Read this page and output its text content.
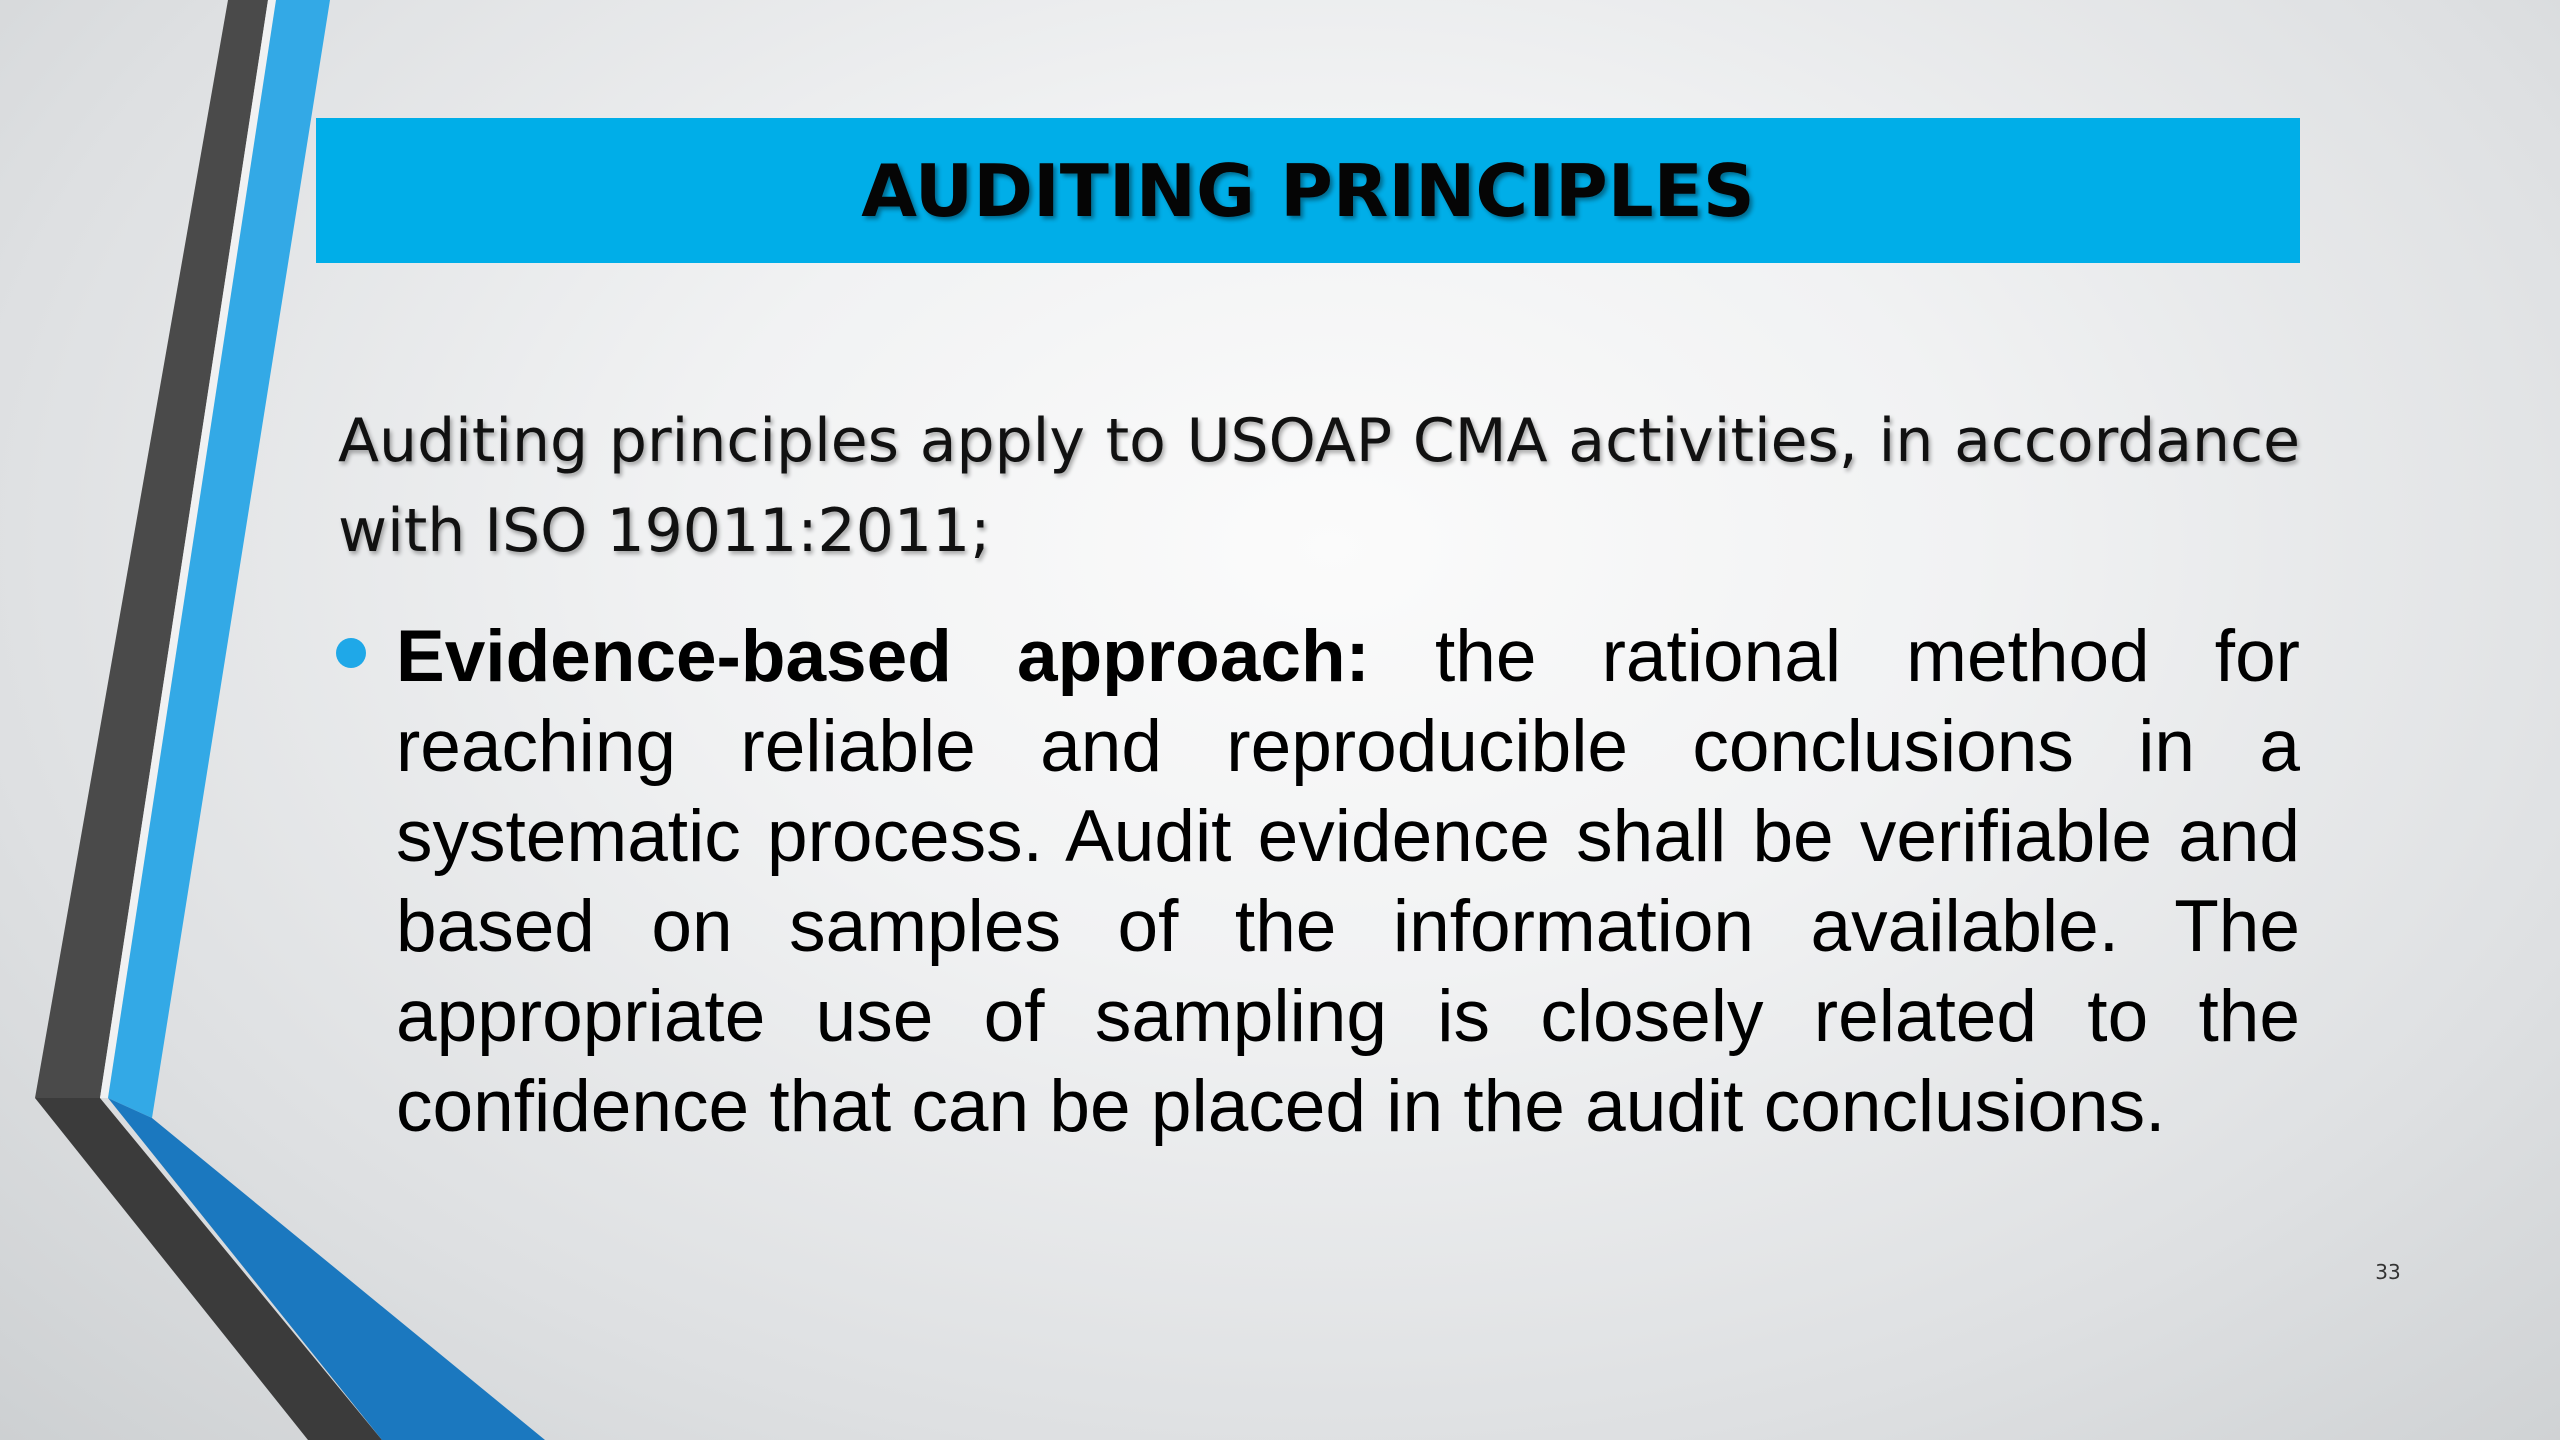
AUDITING PRINCIPLES

Auditing principles apply to USOAP CMA activities, in accordance with ISO 19011:2011;

Evidence-based approach: the rational method for reaching reliable and reproducible conclusions in a systematic process. Audit evidence shall be verifiable and based on samples of the information available. The appropriate use of sampling is closely related to the confidence that can be placed in the audit conclusions.

33
